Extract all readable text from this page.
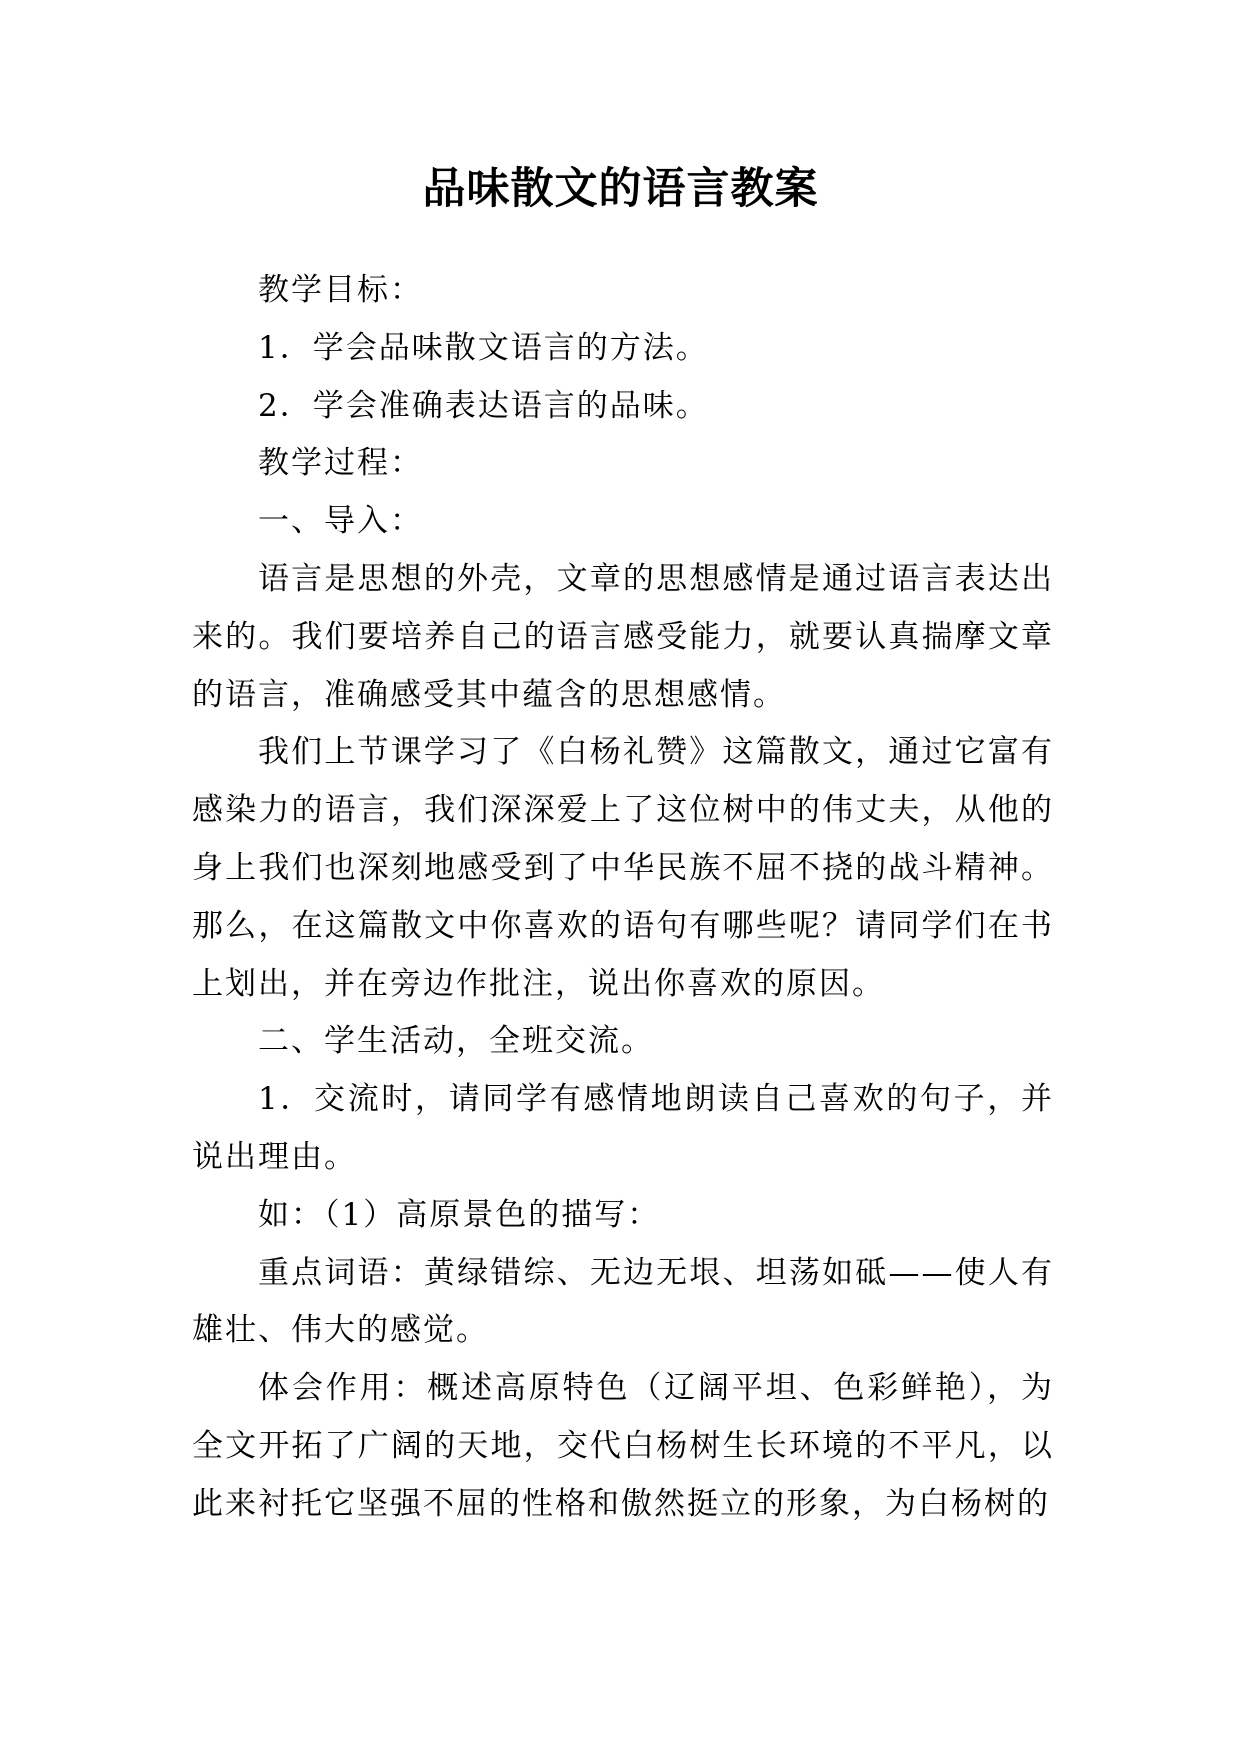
品味散文的语言教案

教学目标：

1．学会品味散文语言的方法。

2．学会准确表达语言的品味。

教学过程：

一、导入：

语言是思想的外壳，文章的思想感情是通过语言表达出来的。我们要培养自己的语言感受能力，就要认真揣摩文章的语言，准确感受其中蕴含的思想感情。

我们上节课学习了《白杨礼赞》这篇散文，通过它富有感染力的语言，我们深深爱上了这位树中的伟丈夫，从他的身上我们也深刻地感受到了中华民族不屈不挠的战斗精神。那么，在这篇散文中你喜欢的语句有哪些呢？请同学们在书上划出，并在旁边作批注，说出你喜欢的原因。

二、学生活动，全班交流。

1．交流时，请同学有感情地朗读自己喜欢的句子，并说出理由。

如：（1）高原景色的描写：

重点词语：黄绿错综、无边无垠、坦荡如砥——使人有雄壮、伟大的感觉。

体会作用：概述高原特色（辽阔平坦、色彩鲜艳），为全文开拓了广阔的天地，交代白杨树生长环境的不平凡，以此来衬托它坚强不屈的性格和傲然挺立的形象，为白杨树的
